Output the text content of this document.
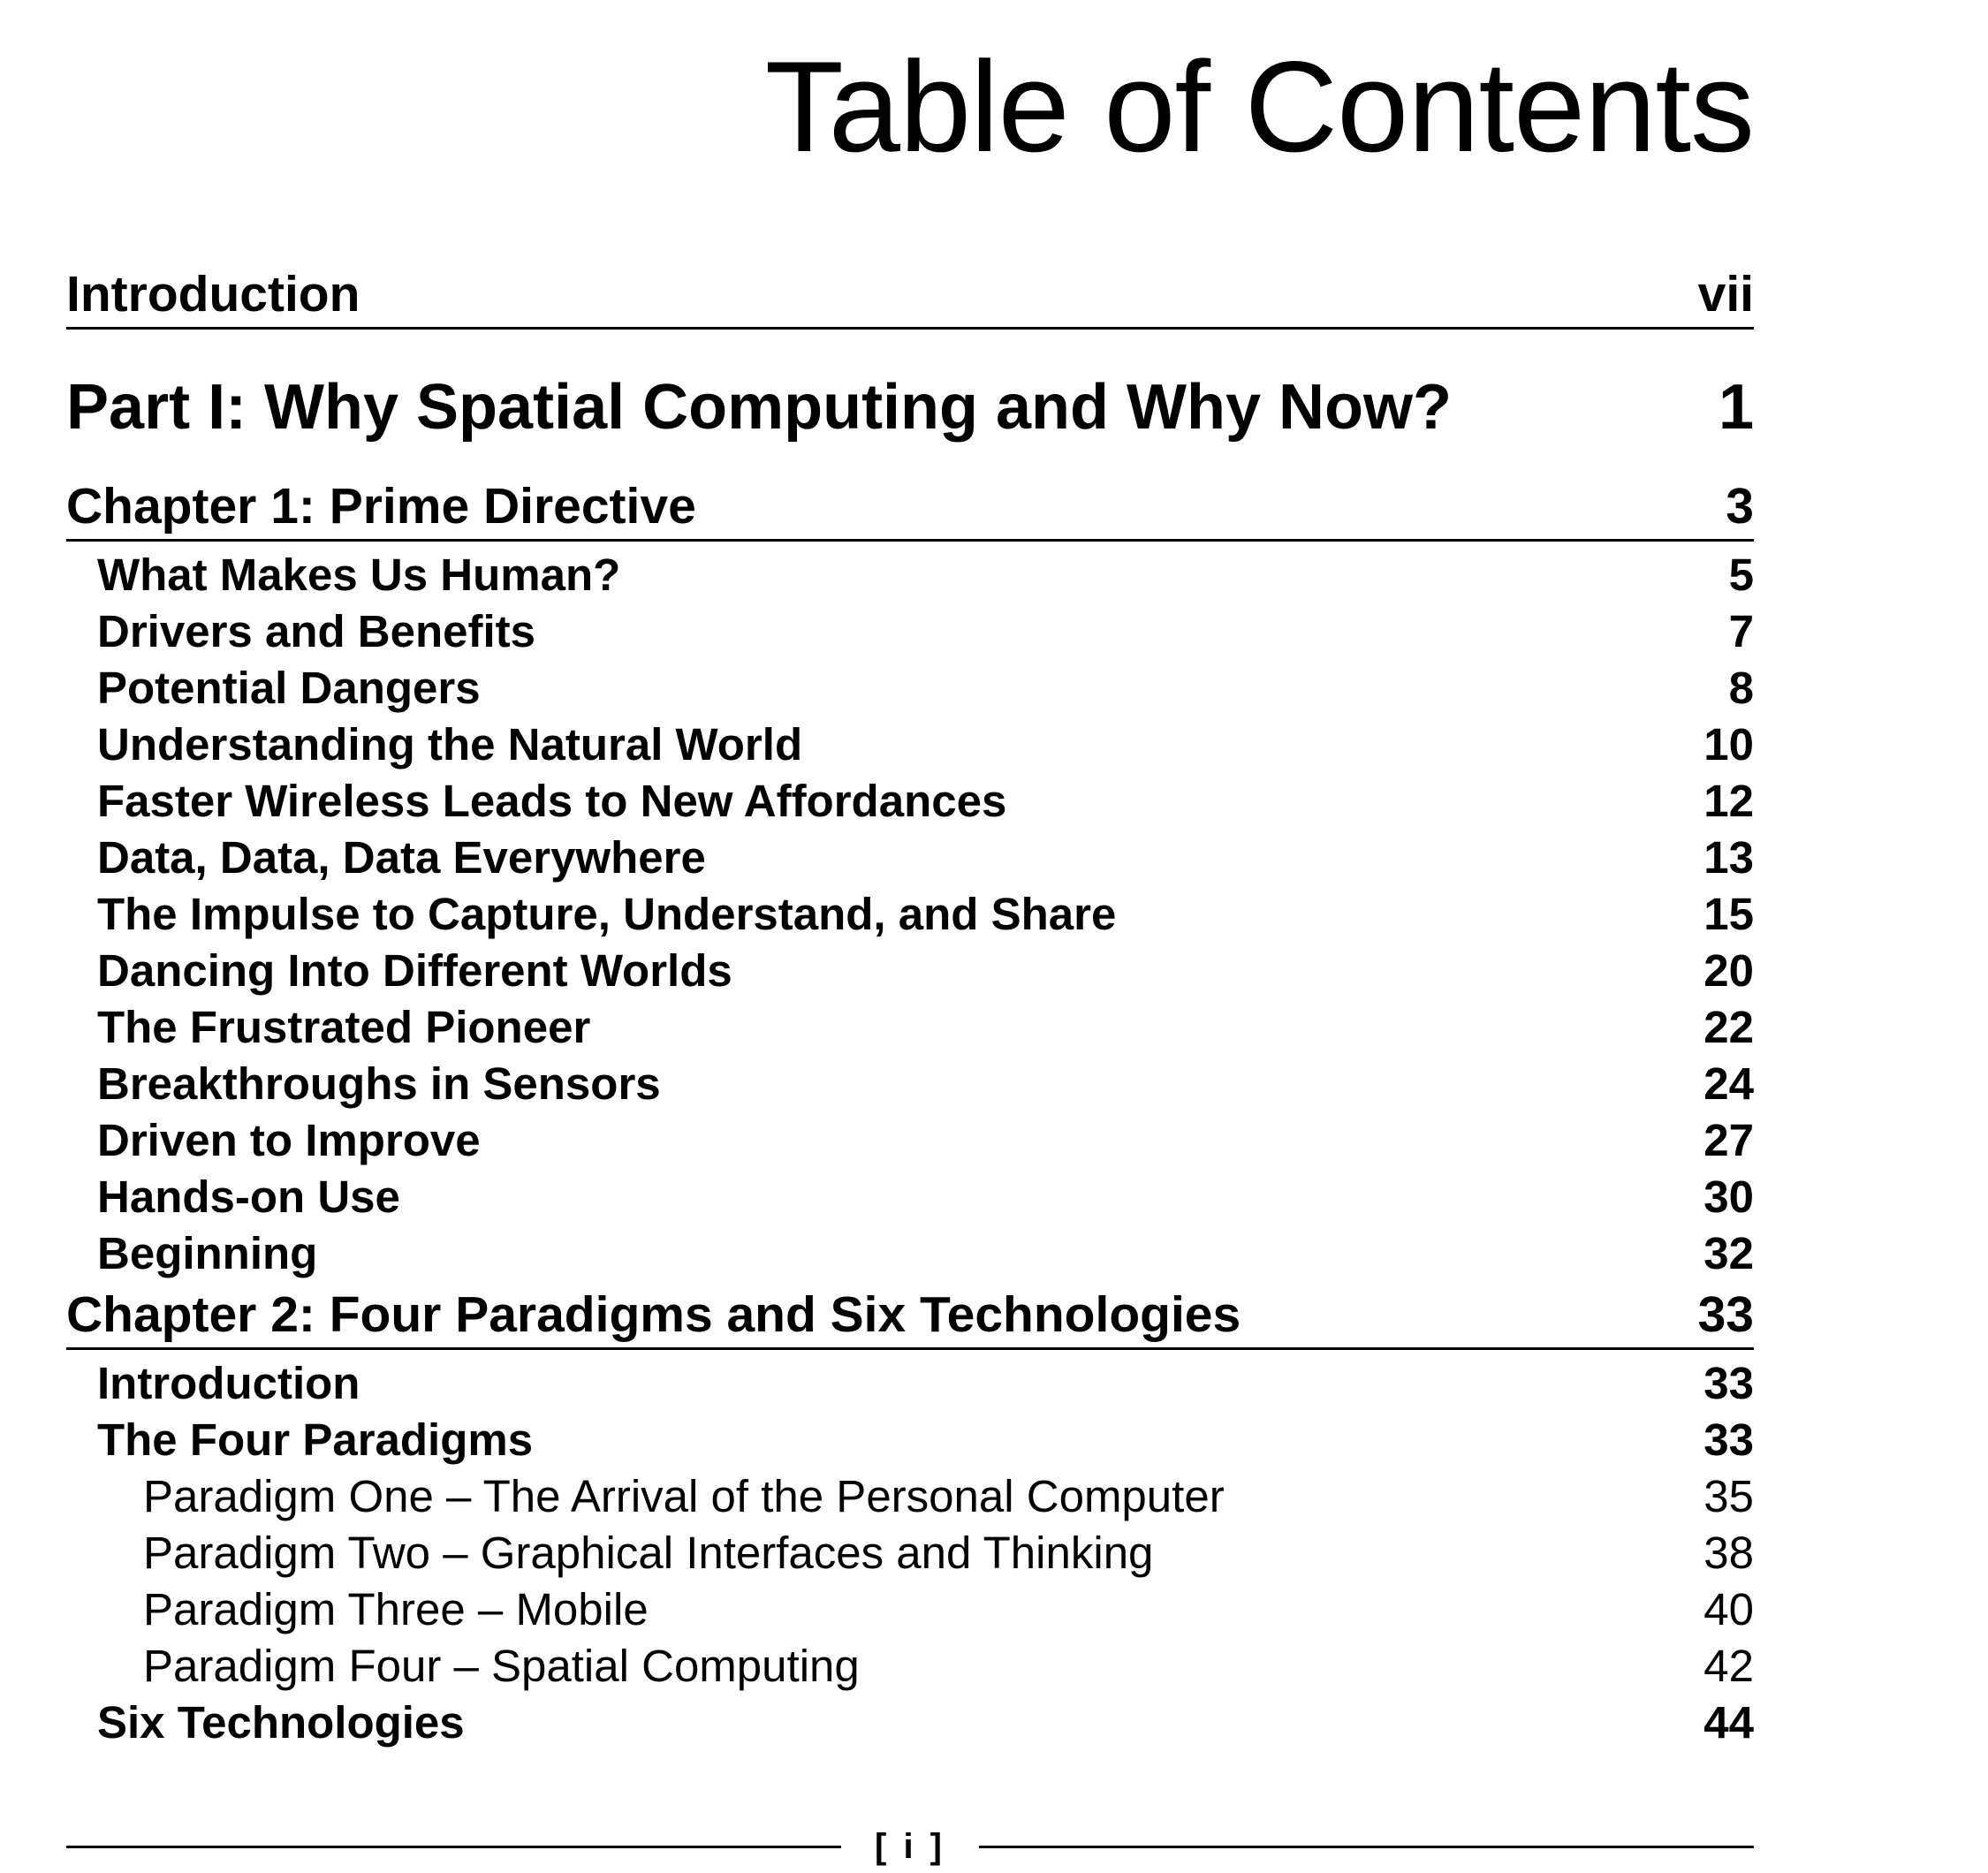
Table of Contents
Introduction	vii
Part I: Why Spatial Computing and Why Now?	1
Chapter 1: Prime Directive	3
What Makes Us Human?	5
Drivers and Benefits	7
Potential Dangers	8
Understanding the Natural World	10
Faster Wireless Leads to New Affordances	12
Data, Data, Data Everywhere	13
The Impulse to Capture, Understand, and Share	15
Dancing Into Different Worlds	20
The Frustrated Pioneer	22
Breakthroughs in Sensors	24
Driven to Improve	27
Hands-on Use	30
Beginning	32
Chapter 2: Four Paradigms and Six Technologies	33
Introduction	33
The Four Paradigms	33
Paradigm One – The Arrival of the Personal Computer	35
Paradigm Two – Graphical Interfaces and Thinking	38
Paradigm Three – Mobile	40
Paradigm Four – Spatial Computing	42
Six Technologies	44
[ i ]
